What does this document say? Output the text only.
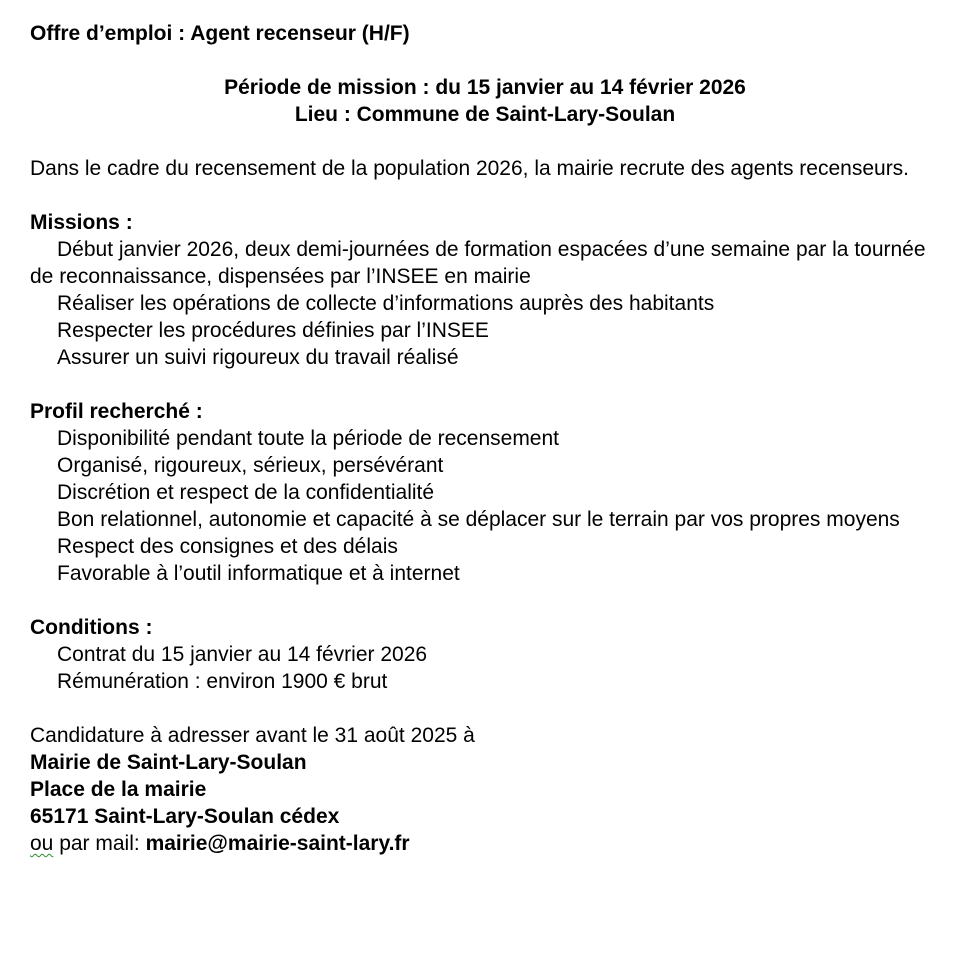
Offre d’emploi : Agent recenseur (H/F)
Période de mission : du 15 janvier au 14 février 2026
Lieu : Commune de Saint-Lary-Soulan
Dans le cadre du recensement de la population 2026, la mairie recrute des agents recenseurs.
Missions :
Début janvier 2026, deux demi-journées de formation espacées d’une semaine par la tournée de reconnaissance, dispensées par l’INSEE en mairie
Réaliser les opérations de collecte d’informations auprès des habitants
Respecter les procédures définies par l’INSEE
Assurer un suivi rigoureux du travail réalisé
Profil recherché :
Disponibilité pendant toute la période de recensement
Organisé, rigoureux, sérieux, persévérant
Discrétion et respect de la confidentialité
Bon relationnel, autonomie et capacité à se déplacer sur le terrain par vos propres moyens
Respect des consignes et des délais
Favorable à l’outil informatique et à internet
Conditions :
Contrat du 15 janvier au 14 février 2026
Rémunération : environ 1900 € brut
Candidature à adresser avant le 31 août 2025 à
Mairie de Saint-Lary-Soulan
Place de la mairie
65171 Saint-Lary-Soulan cédex
ou par mail: mairie@mairie-saint-lary.fr
